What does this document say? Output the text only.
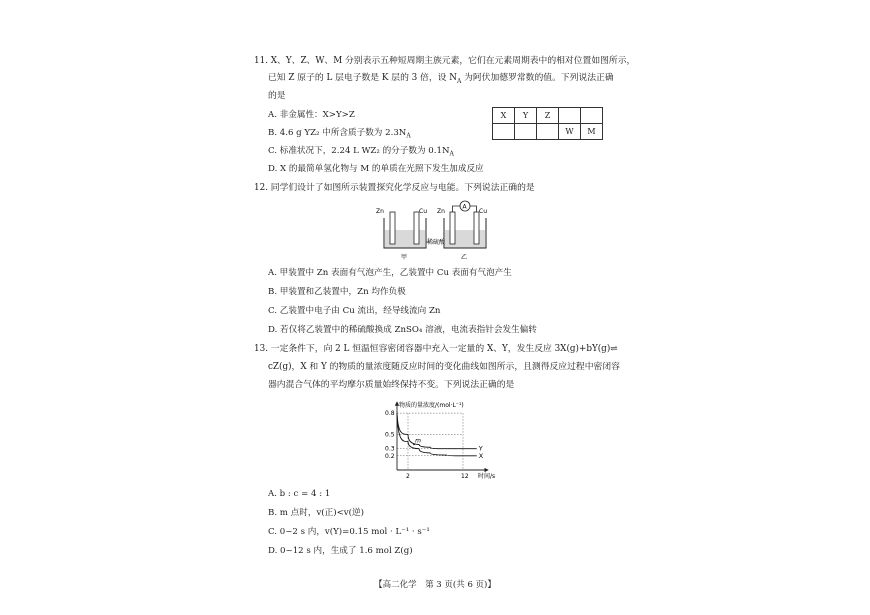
11. X、Y、Z、W、M 分别表示五种短周期主族元素，它们在元素周期表中的相对位置如图所示，
已知 Z 原子的 L 层电子数是 K 层的 3 倍，设 $N_A$ 为阿伏加德罗常数的值。下列说法正确
的是
A. 非金属性：X>Y>Z
B. 4.6 g YZ₂ 中所含质子数为 $2.3N_A$
C. 标准状况下，2.24 L WZ₂ 的分子数为 $0.1N_A$
D. X 的最简单氢化物与 M 的单质在光照下发生加成反应
X	Y	Z		
			W	M
12. 同学们设计了如图所示装置探究化学反应与电能。下列说法正确的是
Zn	Cu
甲
A
Zn	Cu
稀硫酸
乙
A. 甲装置中 Zn 表面有气泡产生，乙装置中 Cu 表面有气泡产生
B. 甲装置和乙装置中，Zn 均作负极
C. 乙装置中电子由 Cu 流出，经导线流向 Zn
D. 若仅将乙装置中的稀硫酸换成 ZnSO₄ 溶液，电流表指针会发生偏转
13. 一定条件下，向 2 L 恒温恒容密闭容器中充入一定量的 X、Y，发生反应 3X(g)+bY(g)⇌
cZ(g)，X 和 Y 的物质的量浓度随反应时间的变化曲线如图所示，且测得反应过程中密闭容
器内混合气体的平均摩尔质量始终保持不变。下列说法正确的是
物质的量浓度/(mol·L⁻¹)
时间/s
0.8
0.5
0.3
0.2
2	12
Y
X
m
A. b : c = 4 : 1
B. m 点时，v(正)<v(逆)
C. 0~2 s 内，v(Y)=0.15 mol · L⁻¹ · s⁻¹
D. 0~12 s 内，生成了 1.6 mol Z(g)
【高二化学　第 3 页(共 6 页)】
